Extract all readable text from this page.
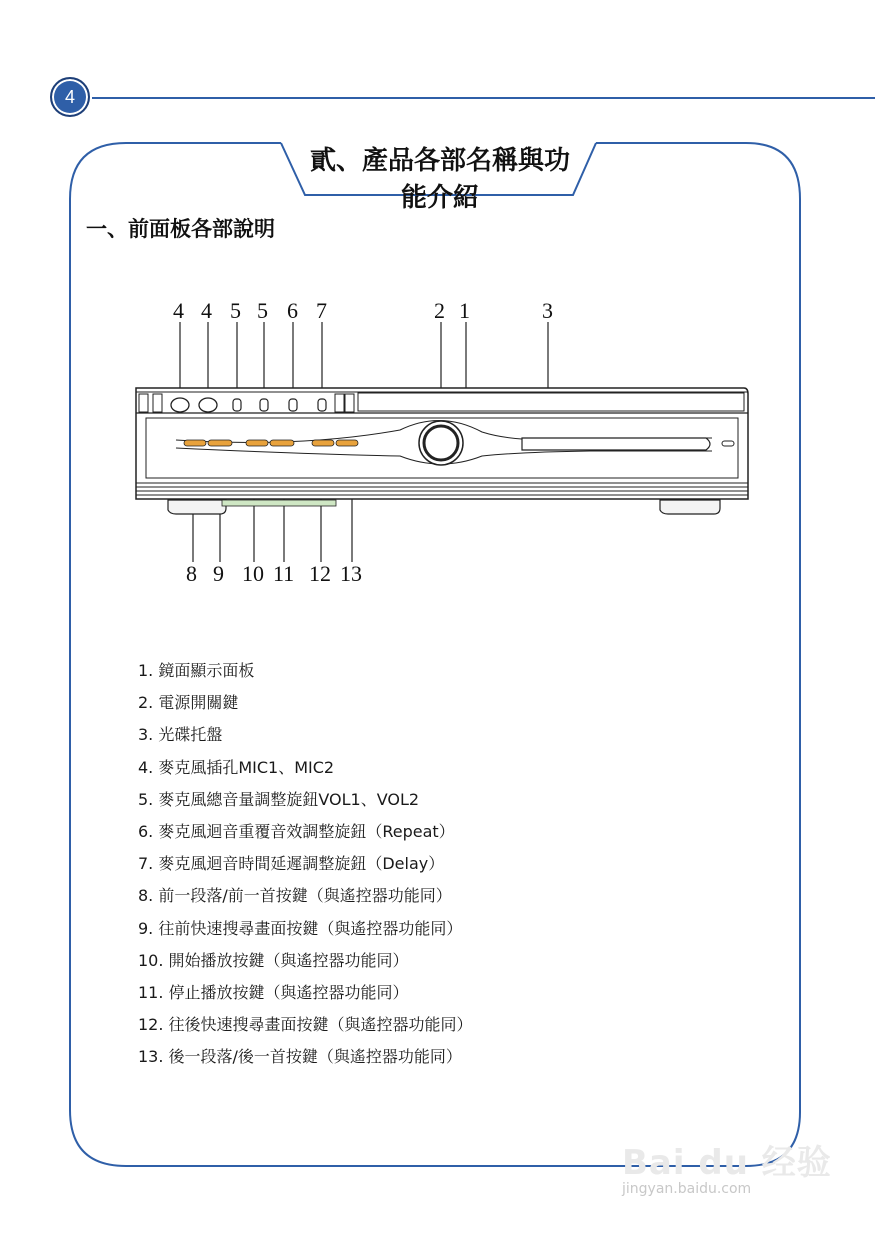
4
貳、產品各部名稱與功能介紹
一、前面板各部說明
4 4 5 5 6 7	2 1	3
8 9 10 11 12 13
1. 鏡面顯示面板
2. 電源開關鍵
3. 光碟托盤
4. 麥克風插孔MIC1、MIC2
5. 麥克風總音量調整旋鈕VOL1、VOL2
6. 麥克風迴音重覆音效調整旋鈕（Repeat）
7. 麥克風迴音時間延遲調整旋鈕（Delay）
8. 前一段落/前一首按鍵（與遙控器功能同）
9. 往前快速搜尋畫面按鍵（與遙控器功能同）
10. 開始播放按鍵（與遙控器功能同）
11. 停止播放按鍵（與遙控器功能同）
12. 往後快速搜尋畫面按鍵（與遙控器功能同）
13. 後一段落/後一首按鍵（與遙控器功能同）
Bai du 经验
jingyan.baidu.com
